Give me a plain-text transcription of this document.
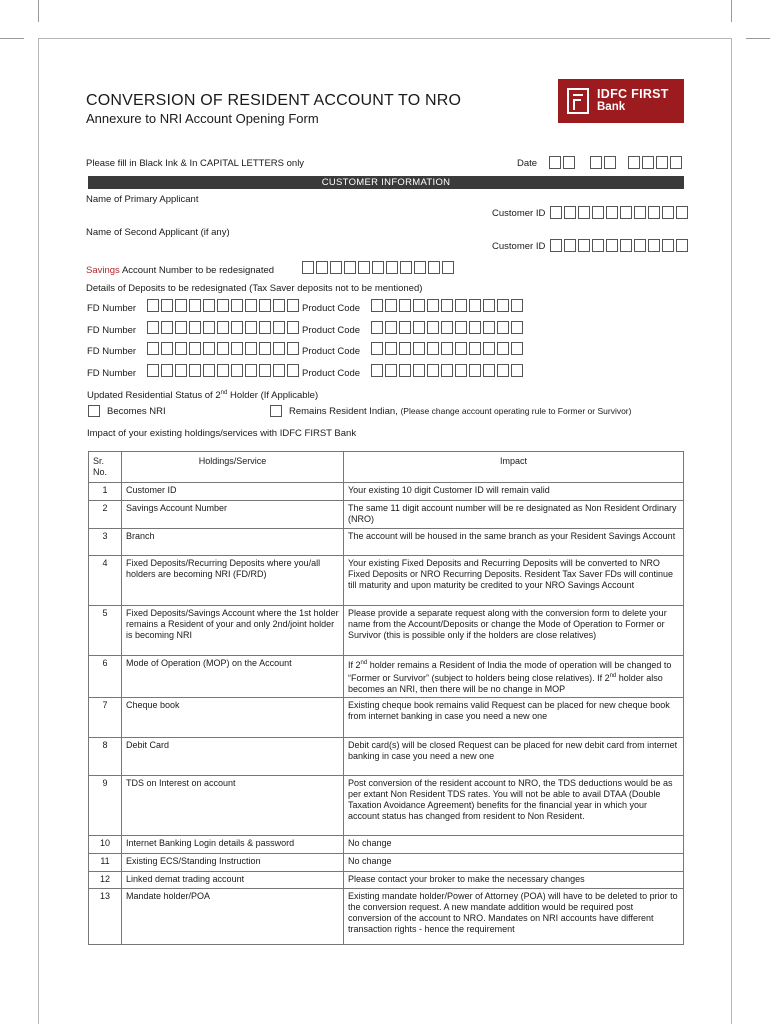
CONVERSION OF RESIDENT ACCOUNT TO NRO
Annexure to NRI Account Opening Form
IDFC FIRST
Bank
Please fill in Black Ink & In CAPITAL LETTERS only	Date
CUSTOMER INFORMATION
Name of Primary Applicant
Customer ID
Name of Second Applicant (if any)
Customer ID
Savings Account Number to be redesignated
Details of Deposits to be redesignated (Tax Saver deposits not to be mentioned)
FD Number	Product Code
FD Number	Product Code
FD Number	Product Code
FD Number	Product Code
Updated Residential Status of 2nd Holder (If Applicable)
Becomes NRI	Remains Resident Indian, (Please change account operating rule to Former or Survivor)
Impact of your existing holdings/services with IDFC FIRST Bank
Sr. No.	Holdings/Service	Impact
1	Customer ID	Your existing 10 digit Customer ID will remain valid
2	Savings Account Number	The same 11 digit account number will be re designated as Non Resident Ordinary (NRO)
3	Branch	The account will be housed in the same branch as your Resident Savings Account
4	Fixed Deposits/Recurring Deposits where you/all holders are becoming NRI (FD/RD)	Your existing Fixed Deposits and Recurring Deposits will be converted to NRO Fixed Deposits or NRO Recurring Deposits. Resident Tax Saver FDs will continue till maturity and upon maturity be credited to your NRO Savings Account
5	Fixed Deposits/Savings Account where the 1st holder remains a Resident of your and only 2nd/joint holder is becoming NRI	Please provide a separate request along with the conversion form to delete your name from the Account/Deposits or change the Mode of Operation to Former or Survivor (this is possible only if the holders are close relatives)
6	Mode of Operation (MOP) on the Account	If 2nd holder remains a Resident of India the mode of operation will be changed to “Former or Survivor” (subject to holders being close relatives). If 2nd holder also becomes an NRI, then there will be no change in MOP
7	Cheque book	Existing cheque book remains valid Request can be placed for new cheque book from internet banking in case you need a new one
8	Debit Card	Debit card(s) will be closed Request can be placed for new debit card from internet banking in case you need a new one
9	TDS on Interest on account	Post conversion of the resident account to NRO, the TDS deductions would be as per extant Non Resident TDS rates. You will not be able to avail DTAA (Double Taxation Avoidance Agreement) benefits for the financial year in which your account status has changed from resident to Non Resident.
10	Internet Banking Login details & password	No change
11	Existing ECS/Standing Instruction	No change
12	Linked demat trading account	Please contact your broker to make the necessary changes
13	Mandate holder/POA	Existing mandate holder/Power of Attorney (POA) will have to be deleted to prior to the conversion request. A new mandate addition would be required post conversion of the account to NRO. Mandates on NRI accounts have different transaction rights - hence the requirement
